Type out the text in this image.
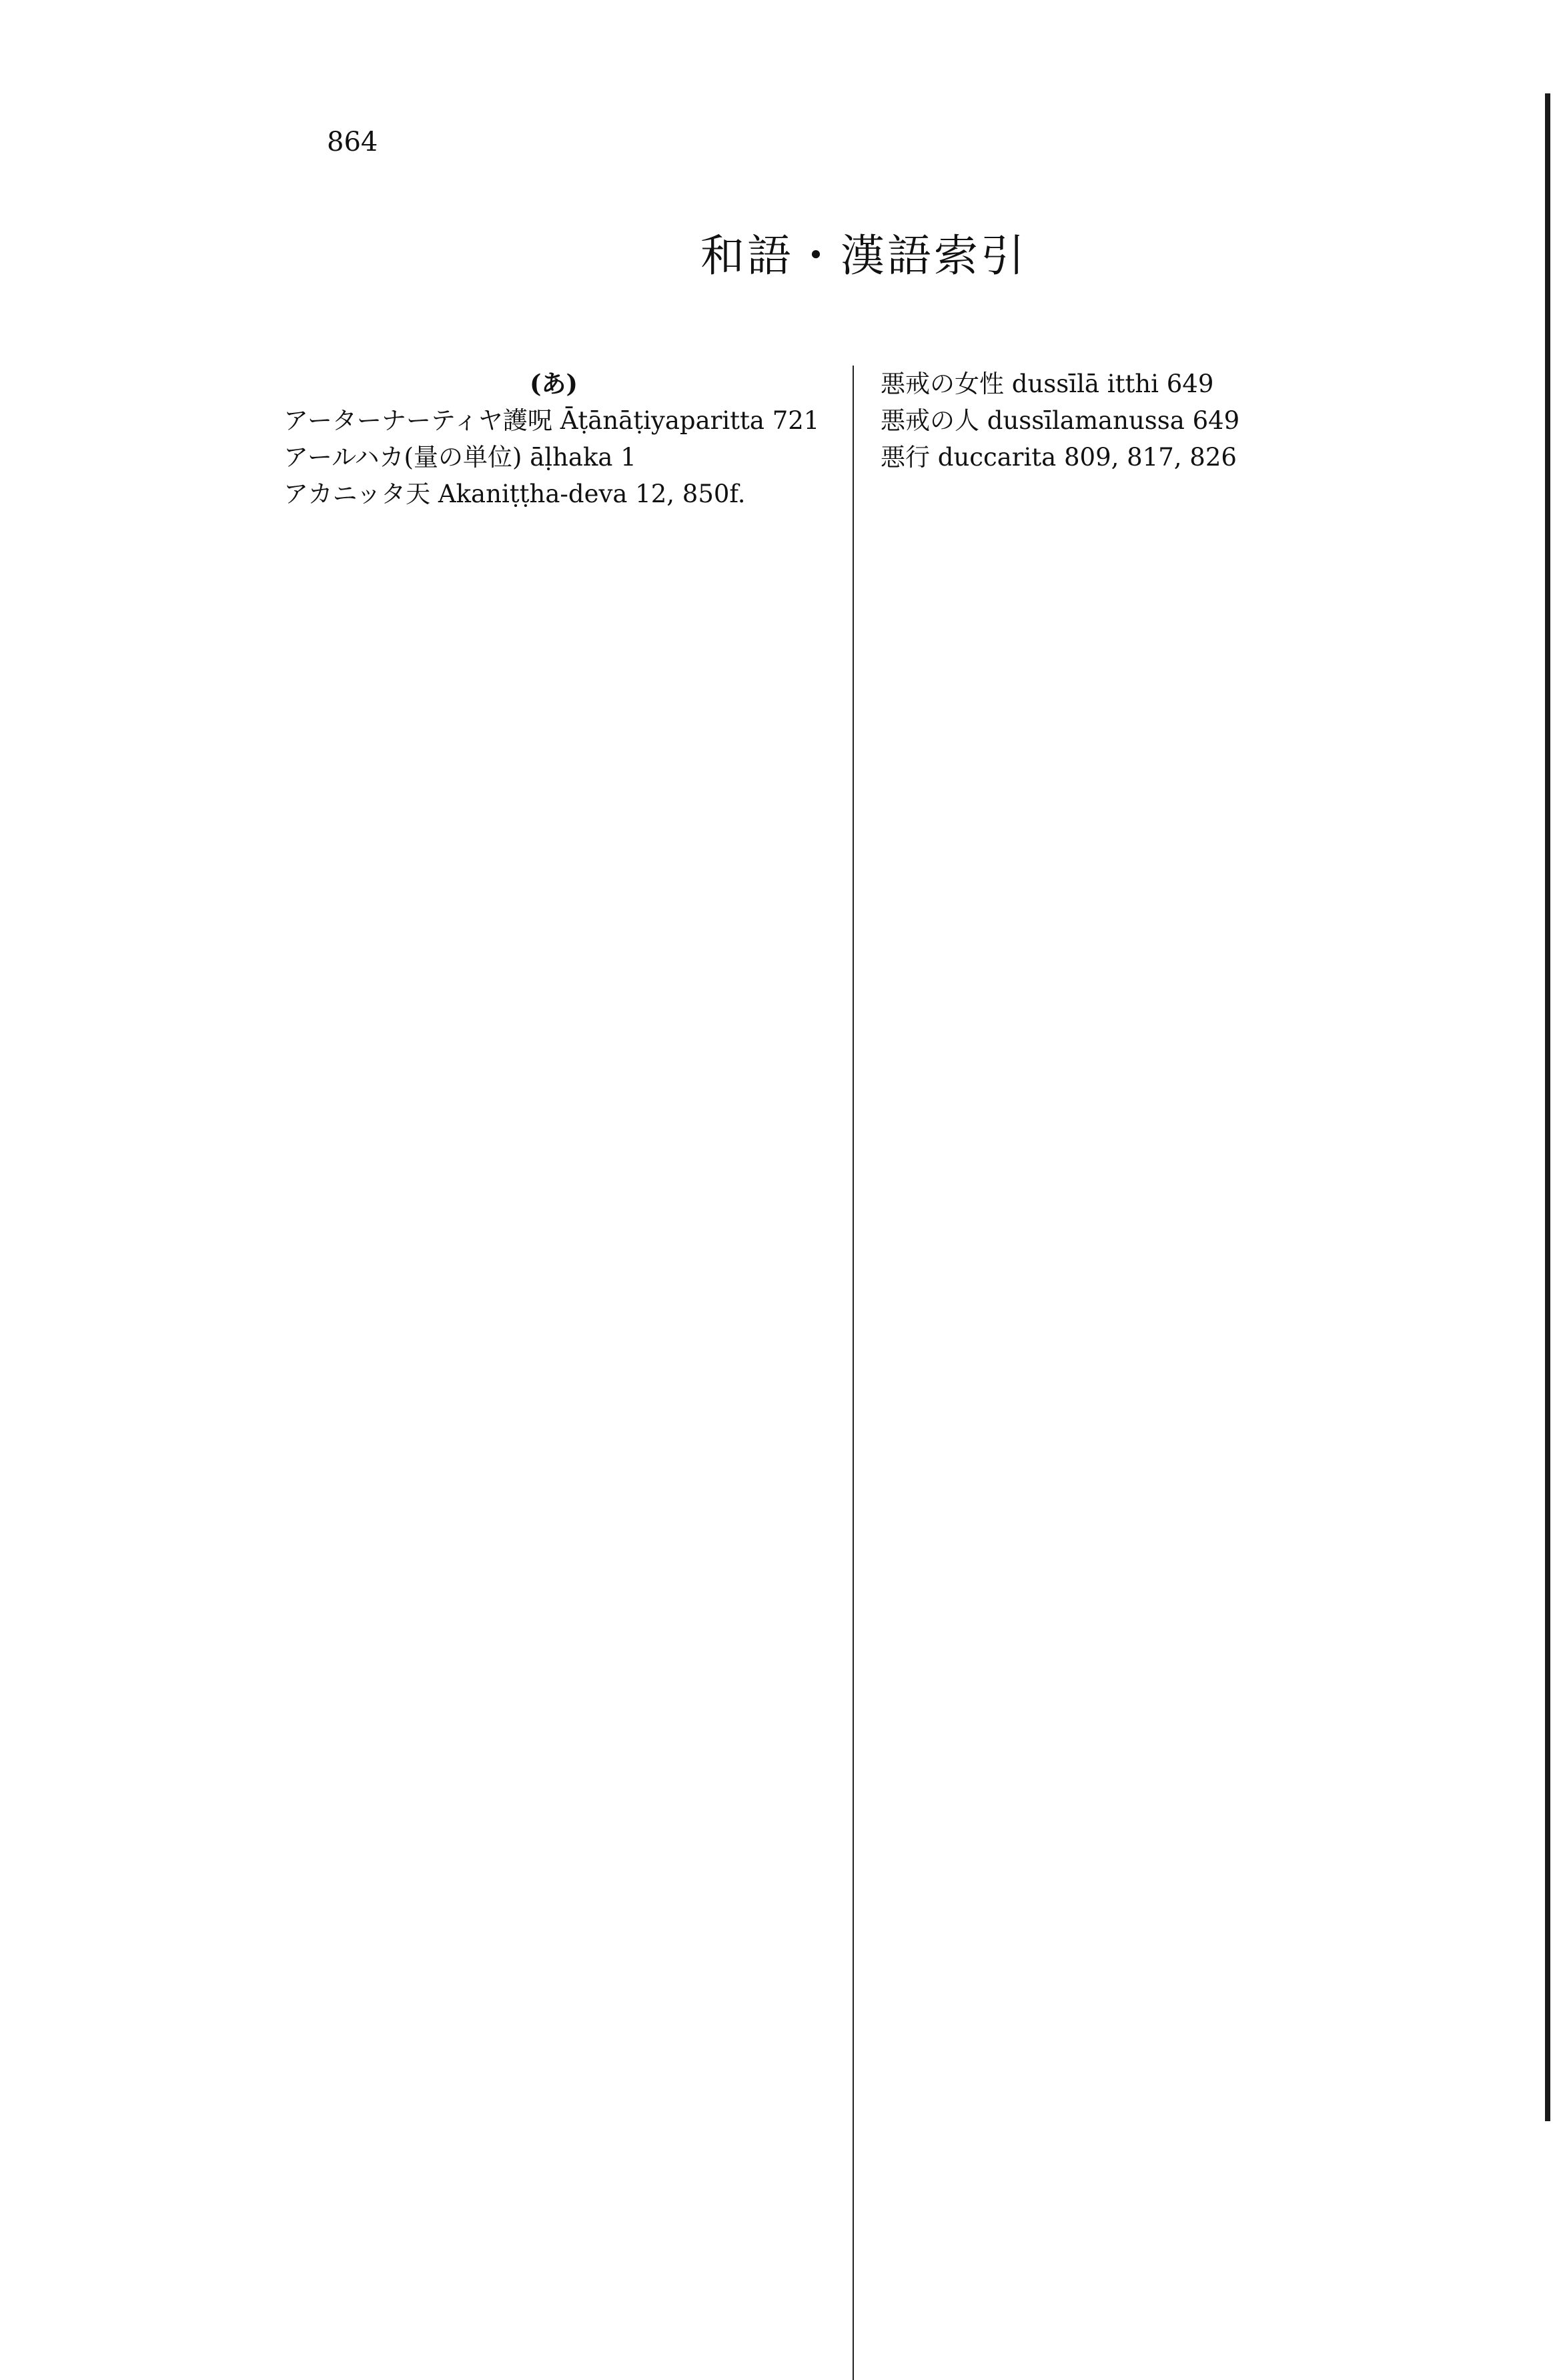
864
和語・漢語索引
(あ)
アーターナーティヤ護呪 Āṭānāṭiyaparitta 721
アールハカ(量の単位) āḷhaka 1
アカニッタ天 Akaniṭṭha-deva 12, 850f.
悪戒の女性 dussīlā itthi 649
悪戒の人 dussīlamanussa 649
悪行 duccarita 809, 817, 826
